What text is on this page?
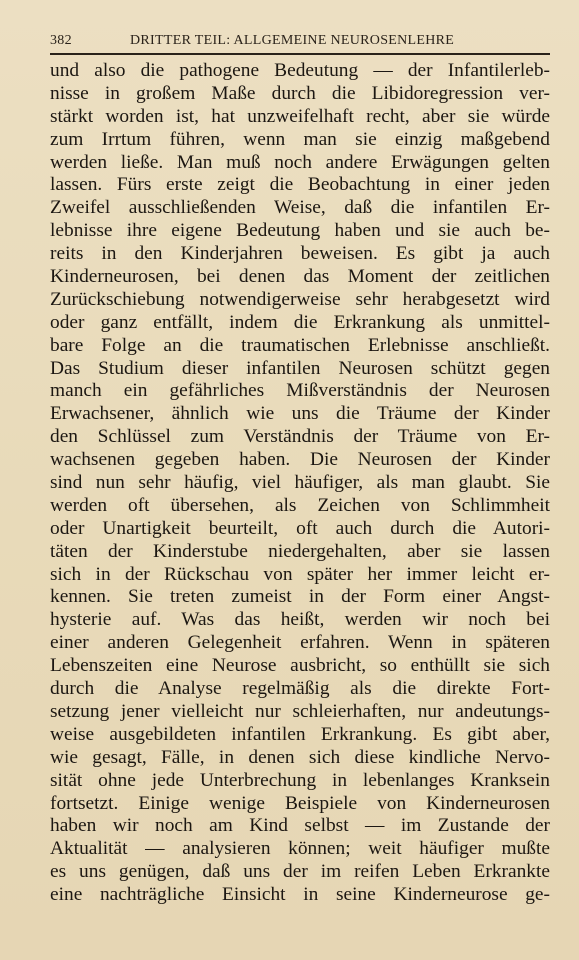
382	DRITTER TEIL: ALLGEMEINE NEUROSENLEHRE
und also die pathogene Bedeutung — der Infantilerleb-
nisse in großem Maße durch die Libidoregression ver-
stärkt worden ist, hat unzweifelhaft recht, aber sie würde
zum Irrtum führen, wenn man sie einzig maßgebend
werden ließe. Man muß noch andere Erwägungen gelten
lassen. Fürs erste zeigt die Beobachtung in einer jeden
Zweifel ausschließenden Weise, daß die infantilen Er-
lebnisse ihre eigene Bedeutung haben und sie auch be-
reits in den Kinderjahren beweisen. Es gibt ja auch
Kinderneurosen, bei denen das Moment der zeitlichen
Zurückschiebung notwendigerweise sehr herabgesetzt wird
oder ganz entfällt, indem die Erkrankung als unmittel-
bare Folge an die traumatischen Erlebnisse anschließt.
Das Studium dieser infantilen Neurosen schützt gegen
manch ein gefährliches Mißverständnis der Neurosen
Erwachsener, ähnlich wie uns die Träume der Kinder
den Schlüssel zum Verständnis der Träume von Er-
wachsenen gegeben haben. Die Neurosen der Kinder
sind nun sehr häufig, viel häufiger, als man glaubt. Sie
werden oft übersehen, als Zeichen von Schlimmheit
oder Unartigkeit beurteilt, oft auch durch die Autori-
täten der Kinderstube niedergehalten, aber sie lassen
sich in der Rückschau von später her immer leicht er-
kennen. Sie treten zumeist in der Form einer Angst-
hysterie auf. Was das heißt, werden wir noch bei
einer anderen Gelegenheit erfahren. Wenn in späteren
Lebenszeiten eine Neurose ausbricht, so enthüllt sie sich
durch die Analyse regelmäßig als die direkte Fort-
setzung jener vielleicht nur schleierhaften, nur andeutungs-
weise ausgebildeten infantilen Erkrankung. Es gibt aber,
wie gesagt, Fälle, in denen sich diese kindliche Nervo-
sität ohne jede Unterbrechung in lebenlanges Kranksein
fortsetzt. Einige wenige Beispiele von Kinderneurosen
haben wir noch am Kind selbst — im Zustande der
Aktualität — analysieren können; weit häufiger mußte
es uns genügen, daß uns der im reifen Leben Erkrankte
eine nachträgliche Einsicht in seine Kinderneurose ge-
